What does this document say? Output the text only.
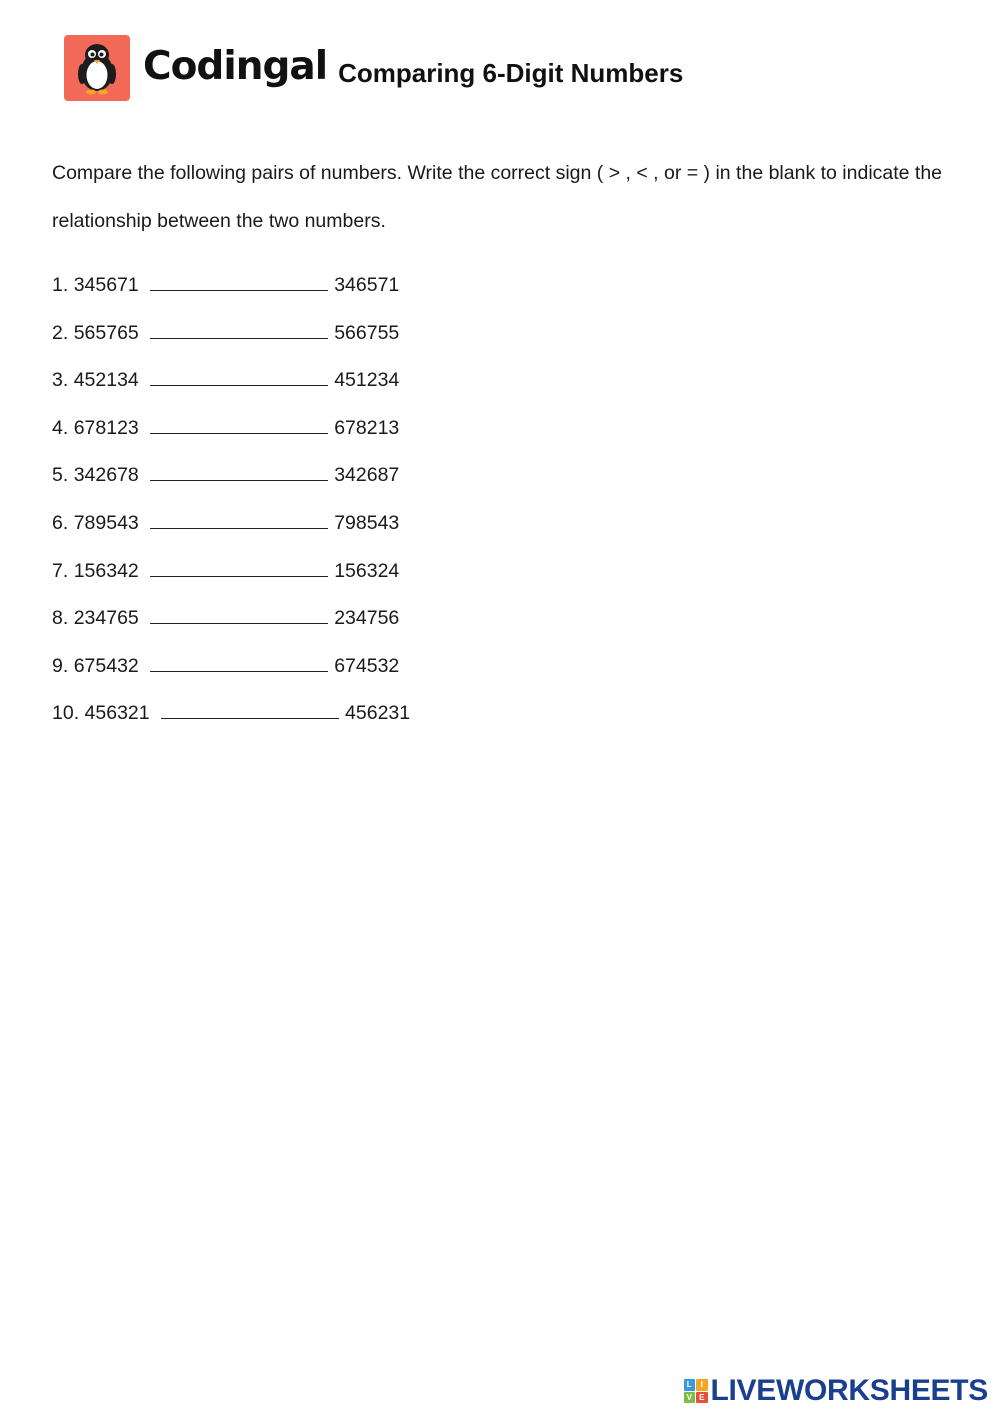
Codingal Comparing 6-Digit Numbers

Compare the following pairs of numbers. Write the correct sign ( > , < , or = ) in the blank to indicate the relationship between the two numbers.

1. 345671	346571
2. 565765	566755
3. 452134	451234
4. 678123	678213
5. 342678	342687
6. 789543	798543
7. 156342	156324
8. 234765	234756
9. 675432	674532
10. 456321	456231
L	I
V E LIVEWORKSHEETS
